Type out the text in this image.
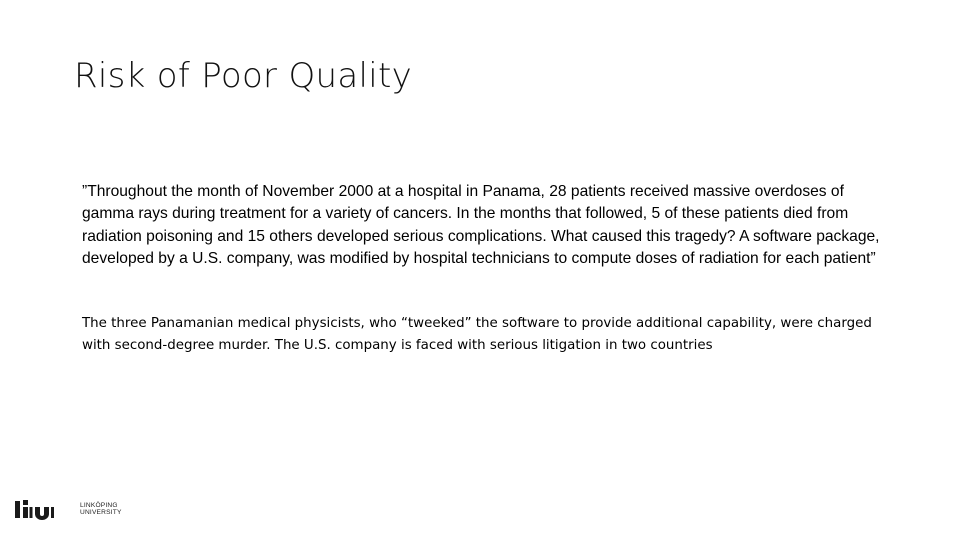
Risk of Poor Quality

”Throughout the month of November 2000 at a hospital in Panama, 28 patients received massive overdoses of gamma rays during treatment for a variety of cancers. In the months that followed, 5 of these patients died from radiation poisoning and 15 others developed serious complications. What caused this tragedy? A software package, developed by a U.S. company, was modified by hospital technicians to compute doses of radiation for each patient”

The three Panamanian medical physicists, who “tweeked” the software to provide additional capability, were charged with second-degree murder. The U.S. company is faced with serious litigation in two countries

LINKÖPING
UNIVERSITY
